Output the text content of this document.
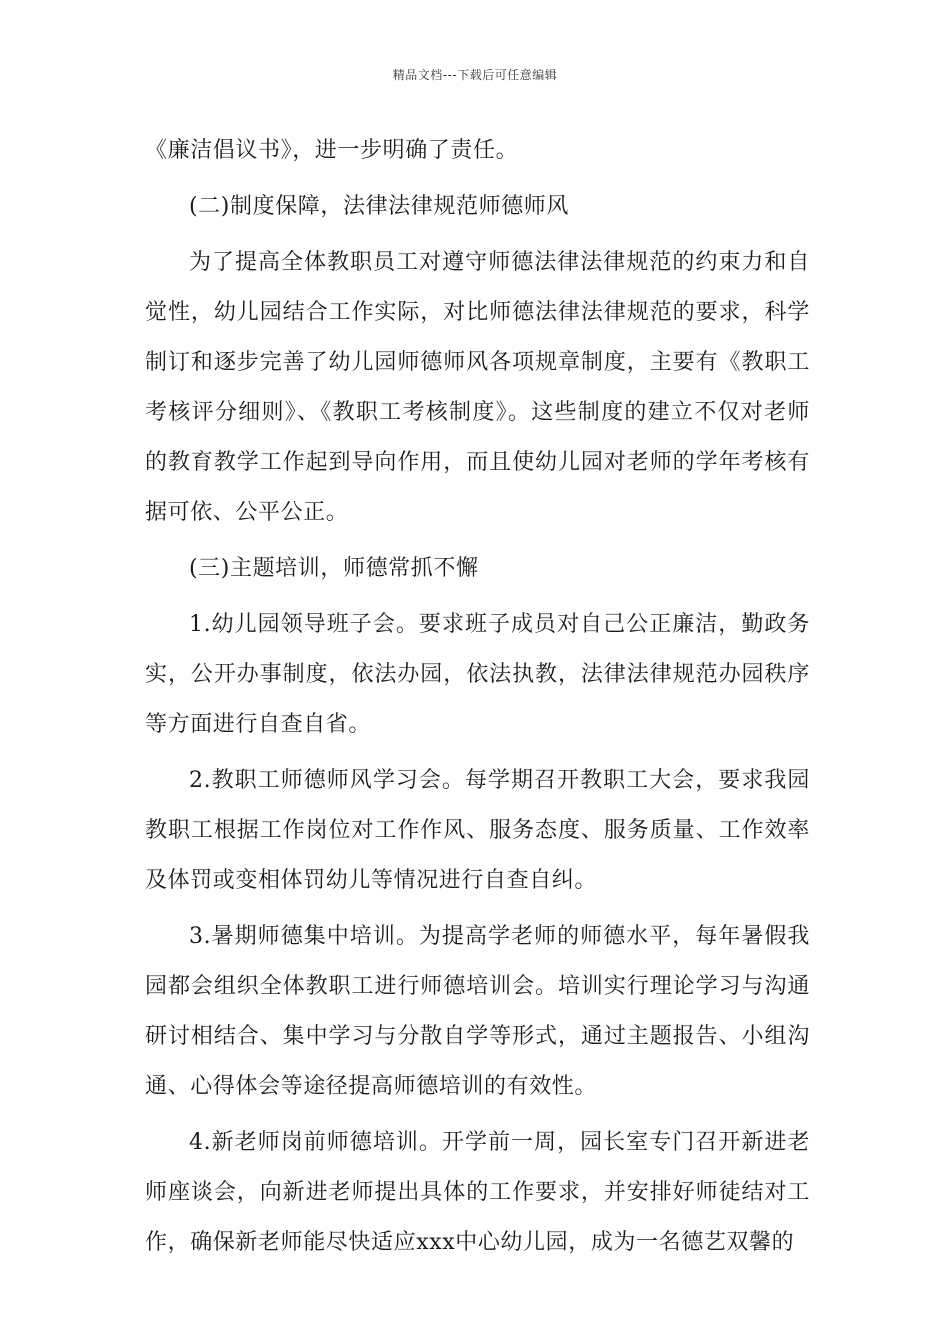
精品文档---下载后可任意编辑

《廉洁倡议书》，进一步明确了责任。

(二)制度保障，法律法律规范师德师风

为了提高全体教职员工对遵守师德法律法律规范的约束力和自觉性，幼儿园结合工作实际，对比师德法律法律规范的要求，科学制订和逐步完善了幼儿园师德师风各项规章制度，主要有《教职工考核评分细则》、《教职工考核制度》。这些制度的建立不仅对老师的教育教学工作起到导向作用，而且使幼儿园对老师的学年考核有据可依、公平公正。

(三)主题培训，师德常抓不懈

1.幼儿园领导班子会。要求班子成员对自己公正廉洁，勤政务实，公开办事制度，依法办园，依法执教，法律法律规范办园秩序等方面进行自查自省。

2.教职工师德师风学习会。每学期召开教职工大会，要求我园教职工根据工作岗位对工作作风、服务态度、服务质量、工作效率及体罚或变相体罚幼儿等情况进行自查自纠。

3.暑期师德集中培训。为提高学老师的师德水平，每年暑假我园都会组织全体教职工进行师德培训会。培训实行理论学习与沟通研讨相结合、集中学习与分散自学等形式，通过主题报告、小组沟通、心得体会等途径提高师德培训的有效性。

4.新老师岗前师德培训。开学前一周，园长室专门召开新进老师座谈会，向新进老师提出具体的工作要求，并安排好师徒结对工作，确保新老师能尽快适应xxx中心幼儿园，成为一名德艺双馨的
